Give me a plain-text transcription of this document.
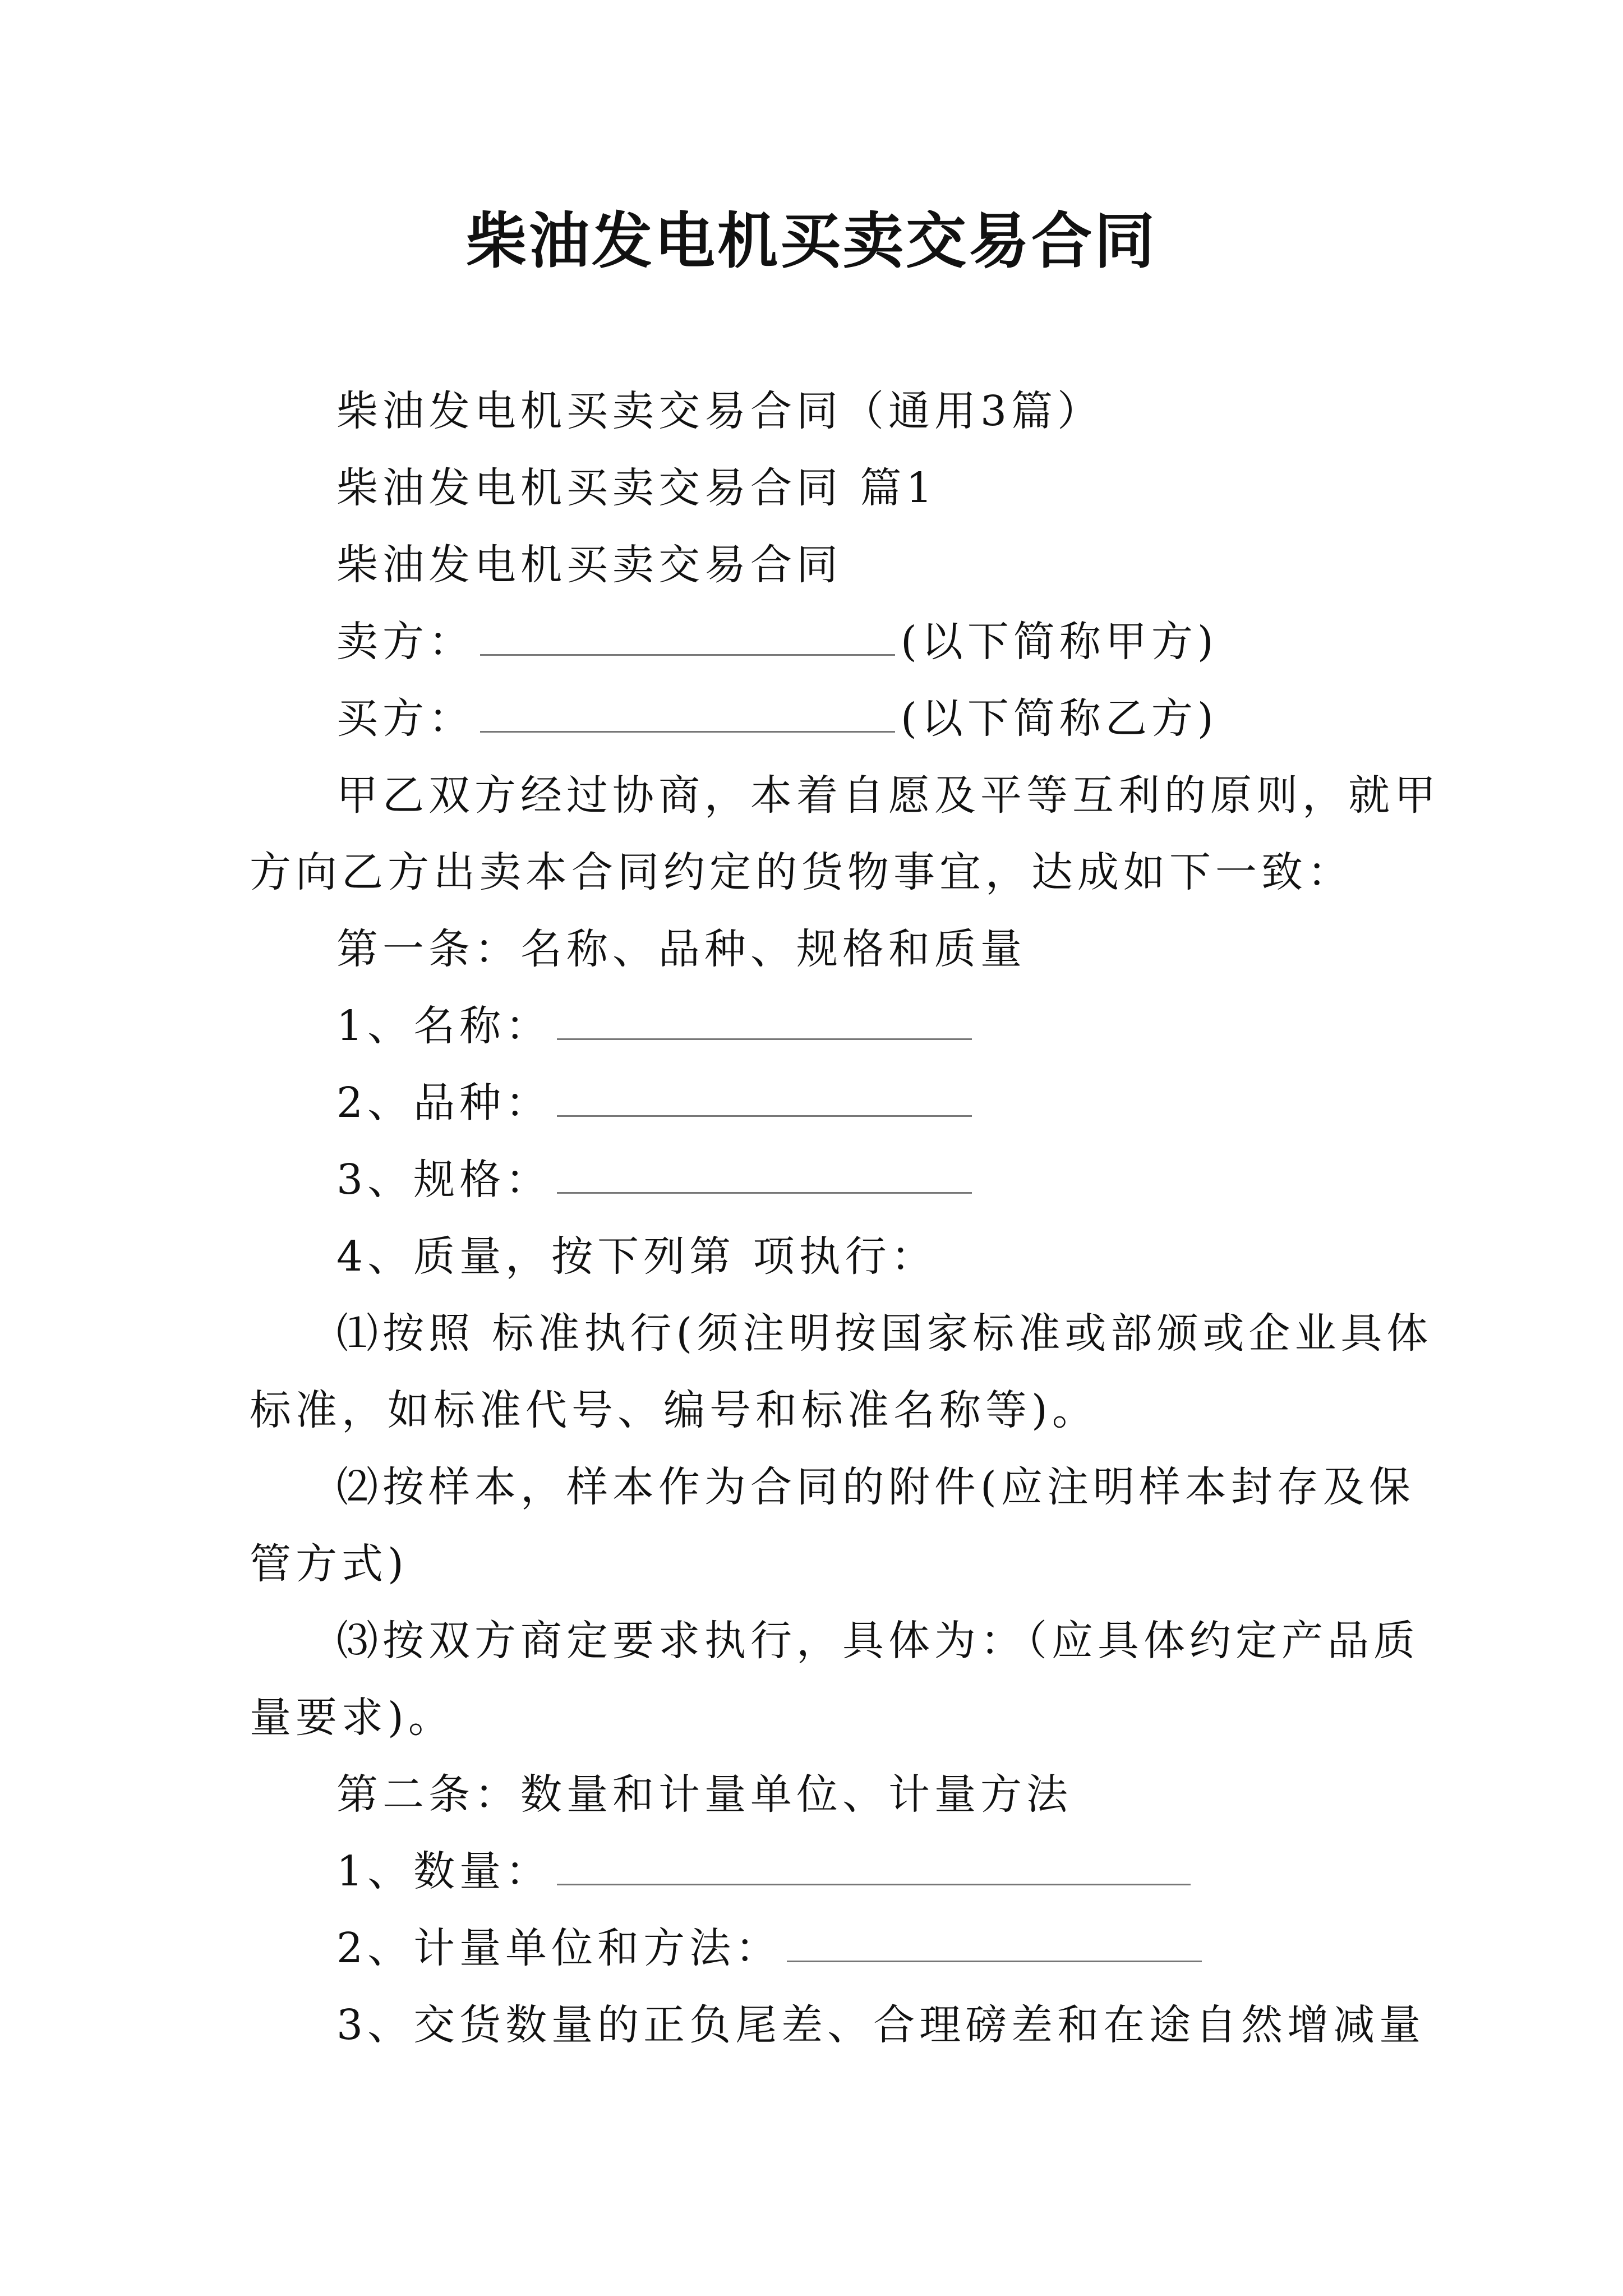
柴油发电机买卖交易合同
柴油发电机买卖交易合同（通用3篇）
柴油发电机买卖交易合同 篇1
柴油发电机买卖交易合同
卖方：	(以下简称甲方)
买方：	(以下简称乙方)
甲乙双方经过协商，本着自愿及平等互利的原则，就甲
方向乙方出卖本合同约定的货物事宜，达成如下一致：
第一条：名称、品种、规格和质量
1、名称：
2、品种：
3、规格：
4、质量，按下列第 项执行：
⑴按照 标准执行(须注明按国家标准或部颁或企业具体
标准，如标准代号、编号和标准名称等)。
⑵按样本，样本作为合同的附件(应注明样本封存及保
管方式)
⑶按双方商定要求执行，具体为：（应具体约定产品质
量要求)。
第二条：数量和计量单位、计量方法
1、数量：
2、计量单位和方法：
3、交货数量的正负尾差、合理磅差和在途自然增减量
